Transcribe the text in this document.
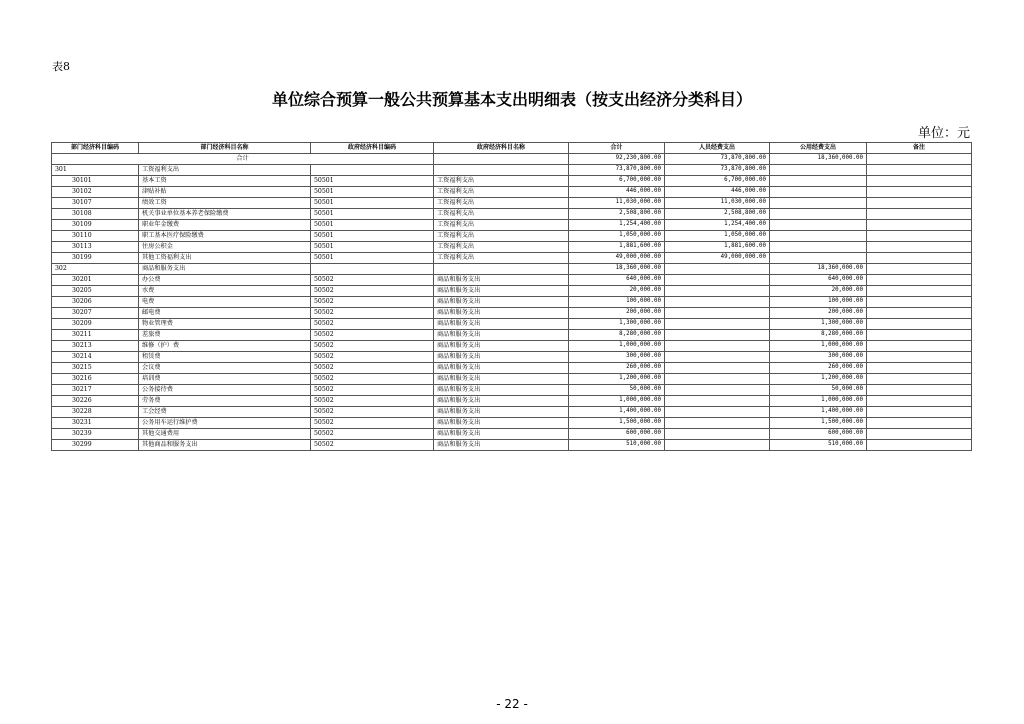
表8
单位综合预算一般公共预算基本支出明细表（按支出经济分类科目）
单位：元
部门经济科目编码	部门经济科目名称	政府经济科目编码	政府经济科目名称	合计	人员经费支出	公用经费支出	备注
合计				92,230,800.00	73,870,800.00	18,360,000.00	
301	工资福利支出			73,870,800.00	73,870,800.00		
30101	基本工资	50501	工资福利支出	6,700,000.00	6,700,000.00		
30102	津贴补贴	50501	工资福利支出	446,000.00	446,000.00		
30107	绩效工资	50501	工资福利支出	11,030,000.00	11,030,000.00		
30108	机关事业单位基本养老保险缴费	50501	工资福利支出	2,508,800.00	2,508,800.00		
30109	职业年金缴费	50501	工资福利支出	1,254,400.00	1,254,400.00		
30110	职工基本医疗保险缴费	50501	工资福利支出	1,050,000.00	1,050,000.00		
30113	住房公积金	50501	工资福利支出	1,881,600.00	1,881,600.00		
30199	其他工资福利支出	50501	工资福利支出	49,000,000.00	49,000,000.00		
302	商品和服务支出			18,360,000.00		18,360,000.00	
30201	办公费	50502	商品和服务支出	640,000.00		640,000.00	
30205	水费	50502	商品和服务支出	20,000.00		20,000.00	
30206	电费	50502	商品和服务支出	100,000.00		100,000.00	
30207	邮电费	50502	商品和服务支出	200,000.00		200,000.00	
30209	物业管理费	50502	商品和服务支出	1,300,000.00		1,300,000.00	
30211	差旅费	50502	商品和服务支出	8,280,000.00		8,280,000.00	
30213	维修（护）费	50502	商品和服务支出	1,000,000.00		1,000,000.00	
30214	租赁费	50502	商品和服务支出	300,000.00		300,000.00	
30215	会议费	50502	商品和服务支出	260,000.00		260,000.00	
30216	培训费	50502	商品和服务支出	1,200,000.00		1,200,000.00	
30217	公务接待费	50502	商品和服务支出	50,000.00		50,000.00	
30226	劳务费	50502	商品和服务支出	1,000,000.00		1,000,000.00	
30228	工会经费	50502	商品和服务支出	1,400,000.00		1,400,000.00	
30231	公务用车运行维护费	50502	商品和服务支出	1,500,000.00		1,500,000.00	
30239	其他交通费用	50502	商品和服务支出	600,000.00		600,000.00	
30299	其他商品和服务支出	50502	商品和服务支出	510,000.00		510,000.00	
- 22 -
